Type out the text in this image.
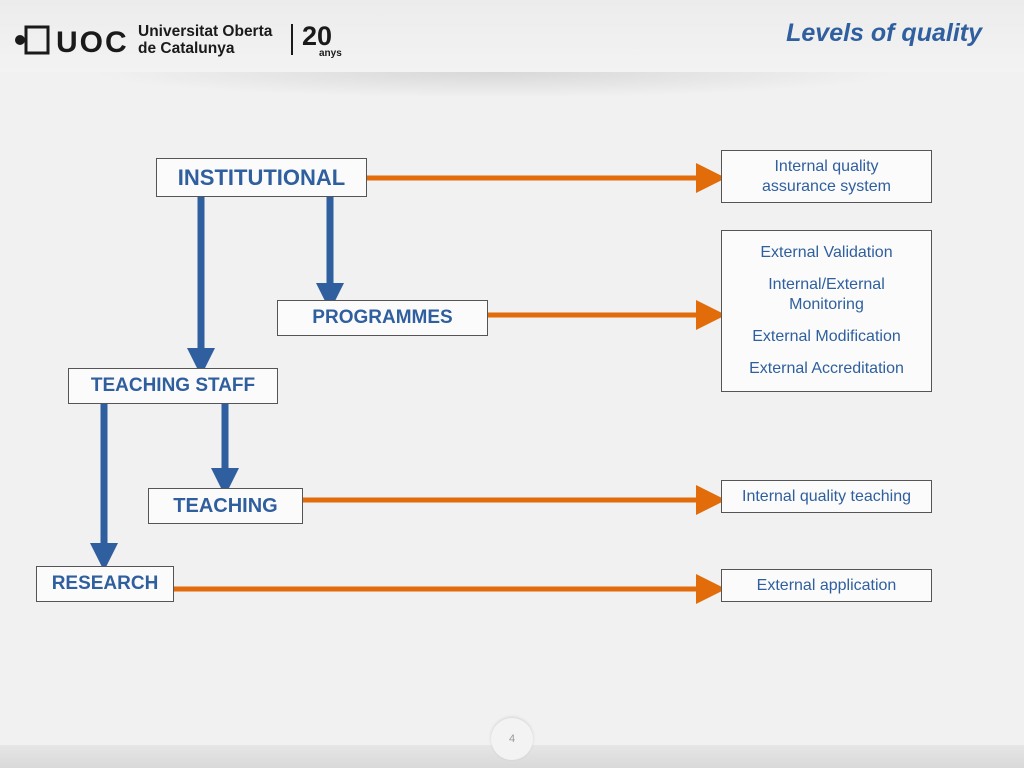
UOC Universitat Oberta
de Catalunya	20
anys
Levels of quality
INSTITUTIONAL
PROGRAMMES
TEACHING STAFF
TEACHING
RESEARCH
Internal quality assurance system
External Validation
Internal/External Monitoring
External Modification
External Accreditation
Internal quality teaching
External application
4
